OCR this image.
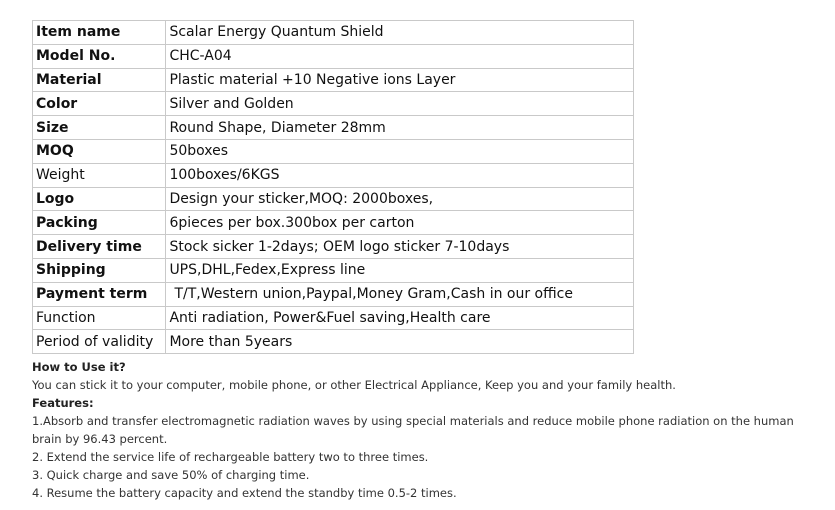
Item name	Scalar Energy Quantum Shield
Model No.	CHC-A04
Material	Plastic material +10 Negative ions Layer
Color	Silver and Golden
Size	Round Shape, Diameter 28mm
MOQ	50boxes
Weight	100boxes/6KGS
Logo	Design your sticker,MOQ: 2000boxes,
Packing	6pieces per box.300box per carton
Delivery time	Stock sicker 1-2days; OEM logo sticker 7-10days
Shipping	UPS,DHL,Fedex,Express line
Payment term	T/T,Western union,Paypal,Money Gram,Cash in our office
Function	Anti radiation, Power&Fuel saving,Health care
Period of validity	More than 5years

How to Use it?

You can stick it to your computer, mobile phone, or other Electrical Appliance, Keep you and your family health.

Features:

1.Absorb and transfer electromagnetic radiation waves by using special materials and reduce mobile phone radiation on the human brain by 96.43 percent.

2. Extend the service life of rechargeable battery two to three times.

3. Quick charge and save 50% of charging time.

4. Resume the battery capacity and extend the standby time 0.5-2 times.
